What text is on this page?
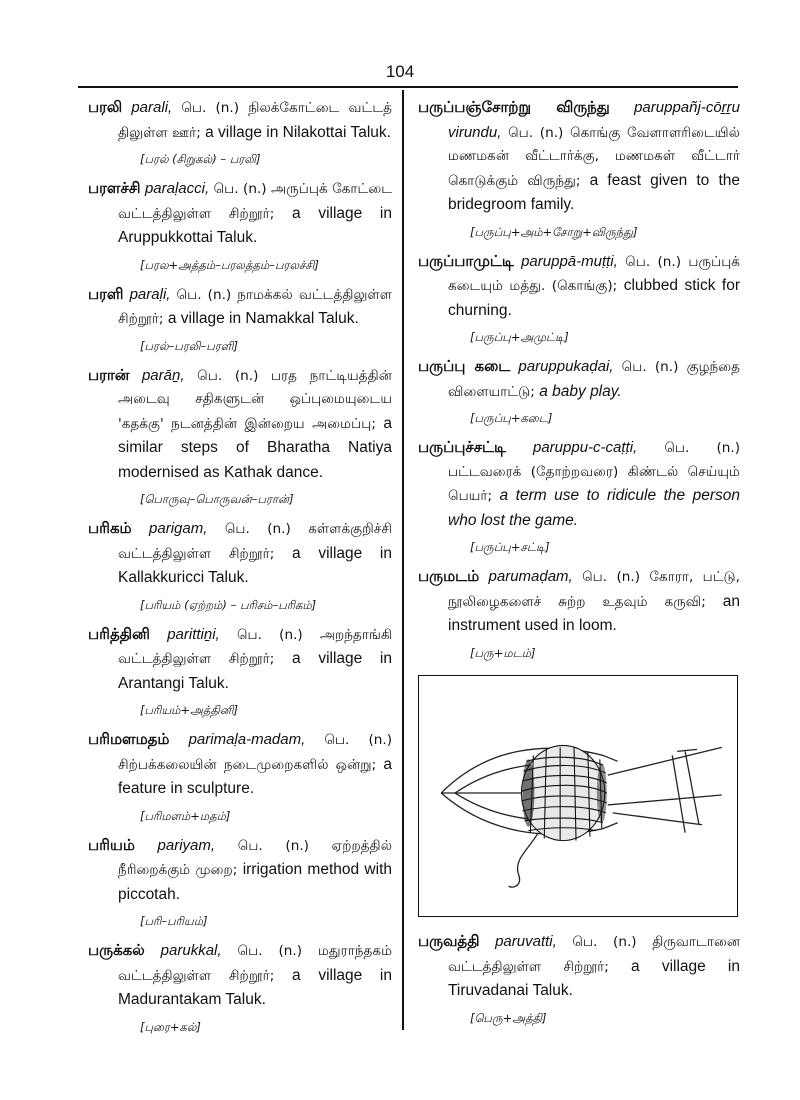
104

பரலி parali, பெ. (n.) நிலக்கோட்டை வட்டத் திலுள்ள ஊர்; a village in Nilakottai Taluk.

[பரல் (சிறுகல்) – பரலி]

பரளச்சி paraḷacci, பெ. (n.) அருப்புக் கோட்டை வட்டத்திலுள்ள சிற்றூர்; a village in Aruppukkottai Taluk.

[பரல+அத்தம்–பரலத்தம்–பரலச்சி]

பரளி paraḷi, பெ. (n.) நாமக்கல் வட்டத்திலுள்ள சிற்றூர்; a village in Namakkal Taluk.

[பரல்–பரலி–பரளி]

பரான் parāṉ, பெ. (n.) பரத நாட்டியத்தின் அடைவு சதிகளுடன் ஒப்புமையுடைய 'கதக்கு' நடனத்தின் இன்றைய அமைப்பு; a similar steps of Bharatha Natiya modernised as Kathak dance.

[பொருவு–பொருவன்–பரான்]

பரிகம் parigam, பெ. (n.) கள்ளக்குறிச்சி வட்டத்திலுள்ள சிற்றூர்; a village in Kallakkuricci Taluk.

[பரியம் (ஏற்றம்) – பரிசம்–பரிகம்]

பரித்தினி parittiṉi, பெ. (n.) அறந்தாங்கி வட்டத்திலுள்ள சிற்றூர்; a village in Arantangi Taluk.

[பரியம்+அத்தினி]

பரிமளமதம் parimaḷa-madam, பெ. (n.) சிற்பக்கலையின் நடைமுறைகளில் ஒன்று; a feature in sculpture.

[பரிமளம்+மதம்]

பரியம் pariyam, பெ. (n.) ஏற்றத்தில் நீரிறைக்கும் முறை; irrigation method with piccotah.

[பரி–பரியம்]

பருக்கல் parukkal, பெ. (n.) மதுராந்தகம் வட்டத்திலுள்ள சிற்றூர்; a village in Madurantakam Taluk.

[புரை+கல்]

பருப்பஞ்சோற்று விருந்து paruppañj-cōṟṟu virundu, பெ. (n.) கொங்கு வேளாளரிடையில் மணமகன் வீட்டார்க்கு, மணமகள் வீட்டார் கொடுக்கும் விருந்து; a feast given to the bridegroom family.

[பருப்பு+அம்+சோறு+விருந்து]

பருப்பாமுட்டி paruppā-muṭṭi, பெ. (n.) பருப்புக் கடையும் மத்து. (கொங்கு); clubbed stick for churning.

[பருப்பு+அமுட்டி]

பருப்பு கடை paruppukaḍai, பெ. (n.) குழந்தை விளையாட்டு; a baby play.

[பருப்பு+கடை]

பருப்புச்சட்டி paruppu-c-caṭṭi, பெ. (n.) பட்டவரைக் (தோற்றவரை) கிண்டல் செய்யும் பெயர்; a term use to ridicule the person who lost the game.

[பருப்பு+சட்டி]

பருமடம் parumaḍam, பெ. (n.) கோரா, பட்டு, நூலிழைகளைச் சுற்ற உதவும் கருவி; an instrument used in loom.

[பரு+மடம்]

பருவத்தி paruvatti, பெ. (n.) திருவாடானை வட்டத்திலுள்ள சிற்றூர்; a village in Tiruvadanai Taluk.

[பெரு+அத்தி]
